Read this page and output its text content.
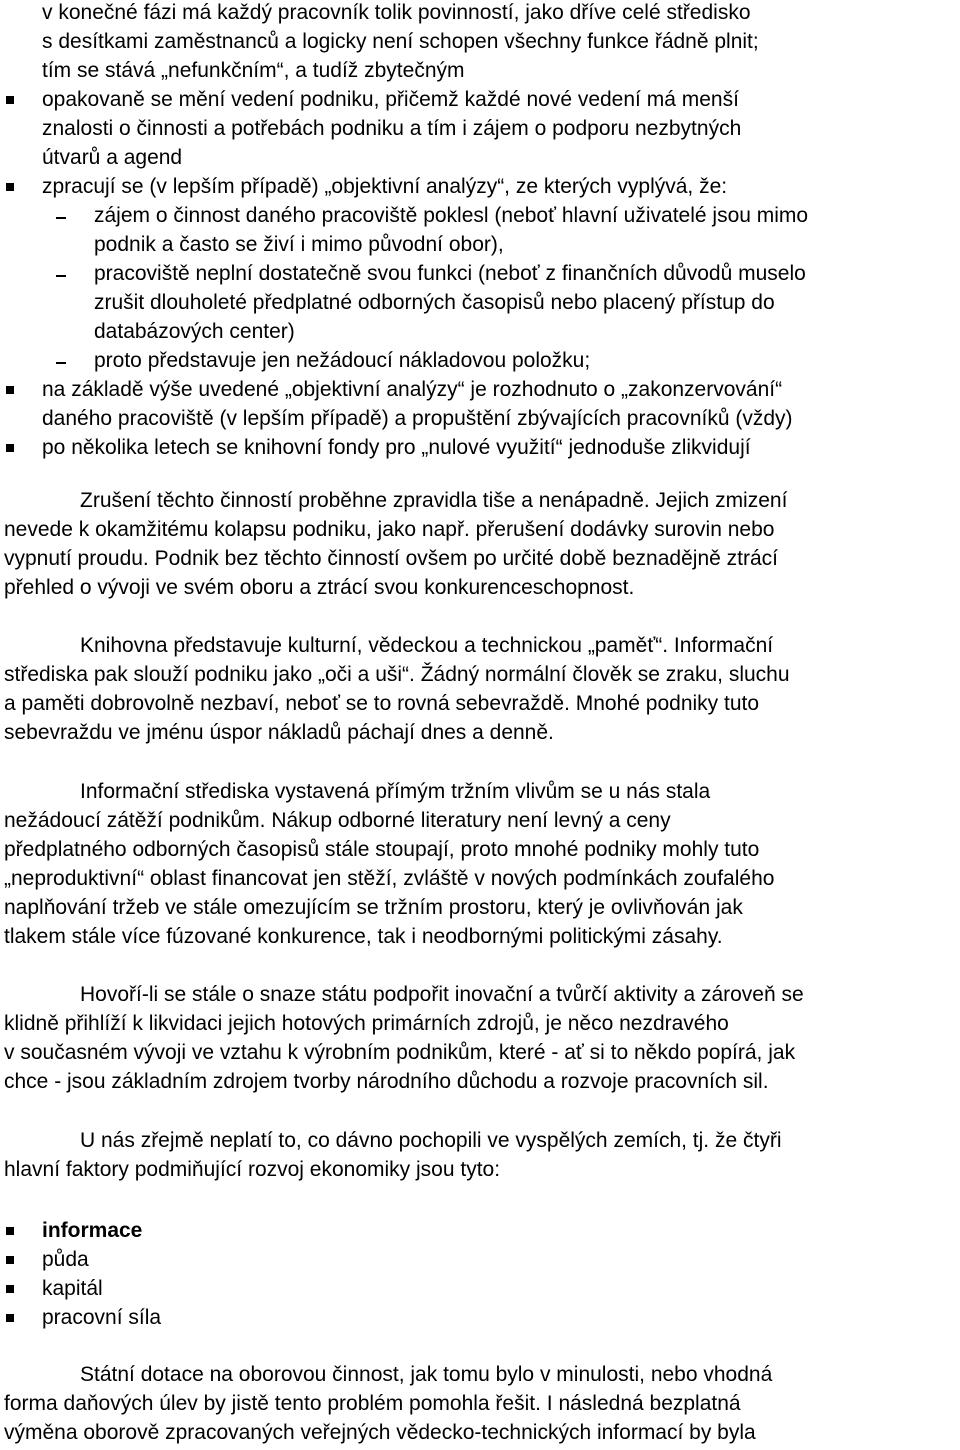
v konečné fázi má každý pracovník tolik povinností, jako dříve celé středisko
s desítkami zaměstnanců a logicky není schopen všechny funkce řádně plnit;
tím se stává „nefunkčním“, a tudíž zbytečným
opakovaně se mění vedení podniku, přičemž každé nové vedení má menší
znalosti o činnosti a potřebách podniku a tím i zájem o podporu nezbytných
útvarů a agend
zpracují se (v lepším případě) „objektivní analýzy“, ze kterých vyplývá, že:
zájem o činnost daného pracoviště poklesl (neboť hlavní uživatelé jsou mimo
podnik a často se živí i mimo původní obor),
pracoviště neplní dostatečně svou funkci (neboť z finančních důvodů muselo
zrušit dlouholeté předplatné odborných časopisů nebo placený přístup do
databázových center)
proto představuje jen nežádoucí nákladovou položku;
na základě výše uvedené „objektivní analýzy“ je rozhodnuto o „zakonzervování“
daného pracoviště (v lepším případě) a propuštění zbývajících pracovníků (vždy)
po několika letech se knihovní fondy pro „nulové využití“ jednoduše zlikvidují
Zrušení těchto činností proběhne zpravidla tiše a nenápadně. Jejich zmizení
nevede k okamžitému kolapsu podniku, jako např. přerušení dodávky surovin nebo
vypnutí proudu. Podnik bez těchto činností ovšem po určité době beznadějně ztrácí
přehled o vývoji ve svém oboru a ztrácí svou konkurenceschopnost.
Knihovna představuje kulturní, vědeckou a technickou „paměť“. Informační
střediska pak slouží podniku jako „oči a uši“. Žádný normální člověk se zraku, sluchu
a paměti dobrovolně nezbaví, neboť se to rovná sebevraždě. Mnohé podniky tuto
sebevraždu ve jménu úspor nákladů páchají dnes a denně.
Informační střediska vystavená přímým tržním vlivům se u nás stala
nežádoucí zátěží podnikům. Nákup odborné literatury není levný a ceny
předplatného odborných časopisů stále stoupají, proto mnohé podniky mohly tuto
„neproduktivní“ oblast financovat jen stěží, zvláště v nových podmínkách zoufalého
naplňování tržeb ve stále omezujícím se tržním prostoru, který je ovlivňován jak
tlakem stále více fúzované konkurence, tak i neodbornými politickými zásahy.
Hovoří-li se stále o snaze státu podpořit inovační a tvůrčí aktivity a zároveň se
klidně přihlíží k likvidaci jejich hotových primárních zdrojů, je něco nezdravého
v současném vývoji ve vztahu k výrobním podnikům, které - ať si to někdo popírá, jak
chce - jsou základním zdrojem tvorby národního důchodu a rozvoje pracovních sil.
U nás zřejmě neplatí to, co dávno pochopili ve vyspělých zemích, tj. že čtyři
hlavní faktory podmiňující rozvoj ekonomiky jsou tyto:
informace
půda
kapitál
pracovní síla
Státní dotace na oborovou činnost, jak tomu bylo v minulosti, nebo vhodná
forma daňových úlev by jistě tento problém pomohla řešit. I následná bezplatná
výměna oborově zpracovaných veřejných vědecko-technických informací by byla
